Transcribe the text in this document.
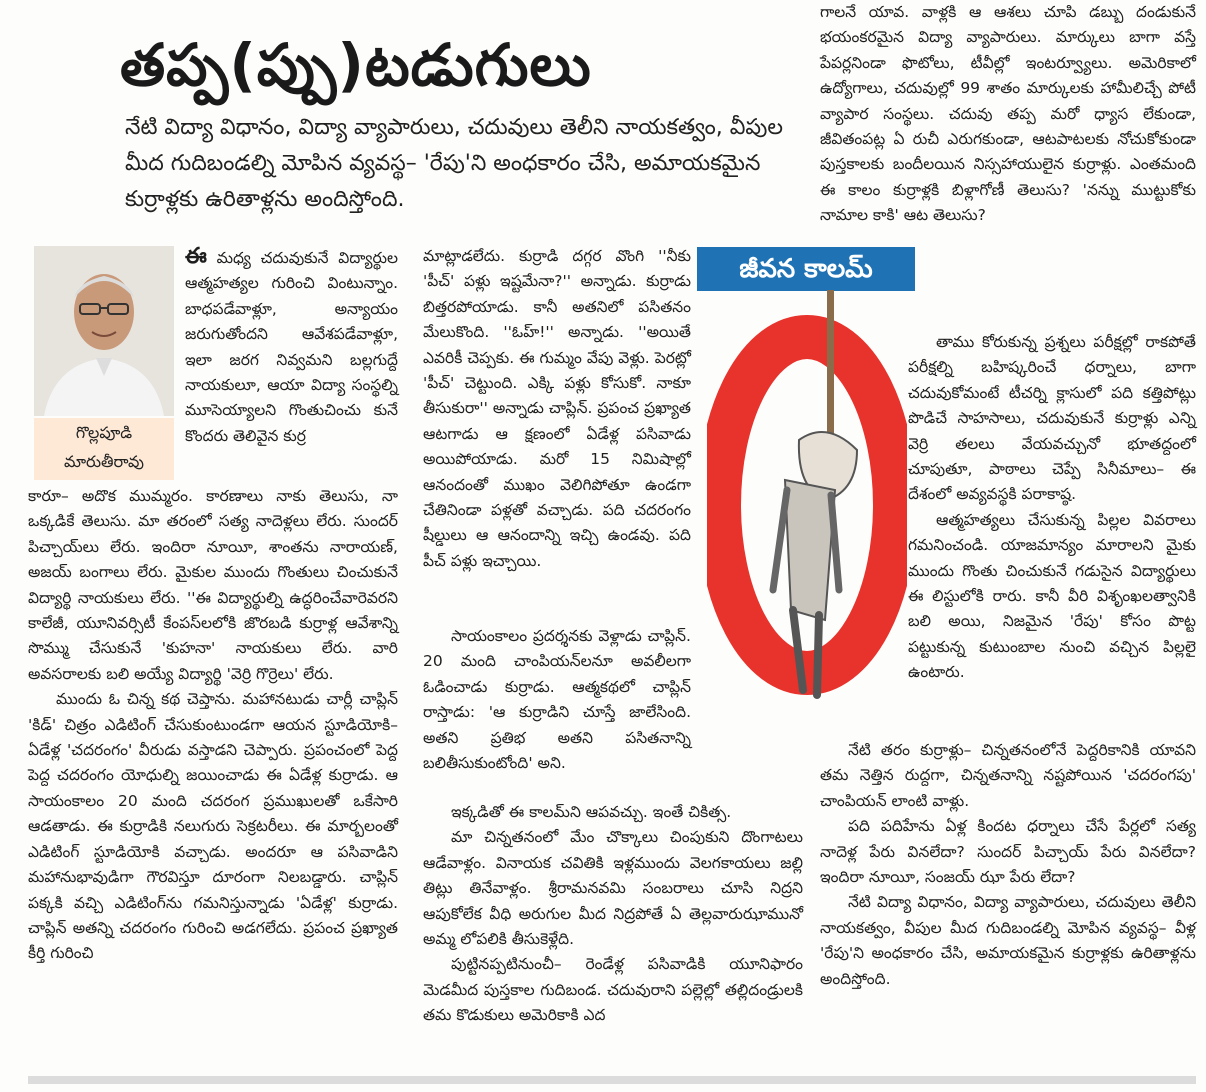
తప్ప(ప్పు)టడుగులు
నేటి విద్యా విధానం, విద్యా వ్యాపారులు, చదువులు తెలీని నాయకత్వం, వీపుల మీద గుదిబండల్ని మోపిన వ్యవస్థ– 'రేపు'ని అంధకారం చేసి, అమాయకమైన కుర్రాళ్లకు ఉరితాళ్లను అందిస్తోంది.
గొల్లపూడి
మారుతీరావు

ఈ మధ్య చదువుకునే విద్యార్థుల ఆత్మహత్యల గురించి వింటున్నాం. బాధపడేవాళ్లూ, అన్యాయం జరుగుతోందని ఆవేశపడేవాళ్లూ, ఇలా జరగ నివ్వమని బల్లగుద్దే నాయకులూ, ఆయా విద్యా సంస్థల్ని మూసెయ్యాలని గొంతుచించు కునే కొందరు తెలివైన కుర్ర

కారూ– అదొక ముమ్మరం. కారణాలు నాకు తెలుసు, నా ఒక్కడికే తెలుసు. మా తరంలో సత్య నాదెళ్లలు లేరు. సుందర్ పిచ్చాయ్‌లు లేరు. ఇందిరా నూయీ, శాంతను నారాయణ్, అజయ్ బంగాలు లేరు. మైకుల ముందు గొంతులు చించుకునే విద్యార్థి నాయకులు లేరు. ''ఈ విద్యార్థుల్ని ఉద్ధరించేవారెవరని కాలేజీ, యూనివర్సిటీ కేంపస్‌లలోకి జొరబడి కుర్రాళ్ల ఆవేశాన్ని సొమ్ము చేసుకునే 'కుహనా' నాయకులు లేరు. వారి అవసరాలకు బలి అయ్యే విద్యార్థి 'వెర్రి గొర్రెలు' లేరు.

ముందు ఓ చిన్న కథ చెప్తాను. మహానటుడు చార్లీ చాప్లిన్ 'కిడ్' చిత్రం ఎడిటింగ్ చేసుకుంటుండగా ఆయన స్టూడియోకి– ఏడేళ్ల 'చదరంగం' వీరుడు వస్తాడని చెప్పారు. ప్రపంచంలో పెద్ద పెద్ద చదరంగం యోధుల్ని జయించాడు ఈ ఏడేళ్ల కుర్రాడు. ఆ సాయంకాలం 20 మంది చదరంగ ప్రముఖులతో ఒకేసారి ఆడతాడు. ఈ కుర్రాడికి నలుగురు సెక్రటరీలు. ఈ మార్బలంతో ఎడిటింగ్ స్టూడియోకి వచ్చాడు. అందరూ ఆ పసివాడిని మహానుభావుడిగా గౌరవిస్తూ దూరంగా నిలబడ్డారు. చాప్లిన్ పక్కకి వచ్చి ఎడిటింగ్‌ను గమనిస్తున్నాడు 'ఏడేళ్ల' కుర్రాడు. చాప్లిన్ అతన్ని చదరంగం గురించి అడగలేదు. ప్రపంచ ప్రఖ్యాత కీర్తి గురించి

మాట్లాడలేదు. కుర్రాడి దగ్గర వొంగి ''నీకు 'పీచ్' పళ్లు ఇష్టమేనా?'' అన్నాడు. కుర్రాడు బిత్తరపోయాడు. కానీ అతనిలో పసితనం మేలుకొంది. ''ఓహ్!'' అన్నాడు. ''అయితే ఎవరికీ చెప్పకు. ఈ గుమ్మం వేపు వెళ్లు. పెరట్లో 'పీచ్' చెట్టుంది. ఎక్కి పళ్లు కోసుకో. నాకూ తీసుకురా'' అన్నాడు చాప్లిన్. ప్రపంచ ప్రఖ్యాత ఆటగాడు ఆ క్షణంలో ఏడేళ్ల పసివాడు అయిపోయాడు. మరో 15 నిమిషాల్లో ఆనందంతో ముఖం వెలిగిపోతూ ఉండగా చేతినిండా పళ్లతో వచ్చాడు. పది చదరంగం షీల్డులు ఆ ఆనందాన్ని ఇచ్చి ఉండవు. పది పీచ్ పళ్లు ఇచ్చాయి.

సాయంకాలం ప్రదర్శనకు వెళ్లాడు చాప్లిన్. 20 మంది చాంపియన్‌లనూ అవలీలగా ఓడించాడు కుర్రాడు. ఆత్మకథలో చాప్లిన్ రాస్తాడు: 'ఆ కుర్రాడిని చూస్తే జాలేసింది. అతని ప్రతిభ అతని పసితనాన్ని బలితీసుకుంటోంది' అని.

ఇక్కడితో ఈ కాలమ్‌ని ఆపవచ్చు. ఇంతే చికిత్స.

మా చిన్నతనంలో మేం చొక్కాలు చింపుకుని దొంగాటలు ఆడేవాళ్లం. వినాయక చవితికి ఇళ్లముందు వెలగకాయలు జల్లి తిట్లు తినేవాళ్లం. శ్రీరామనవమి సంబరాలు చూసి నిద్రని ఆపుకోలేక వీధి అరుగుల మీద నిద్రపోతే ఏ తెల్లవారుఝామునో అమ్మ లోపలికి తీసుకెళ్లేది.

పుట్టినప్పటినుంచీ– రెండేళ్ల పసివాడికి యూనిఫారం మెడమీద పుస్తకాల గుదిబండ. చదువురాని పల్లెల్లో తల్లిదండ్రులకి తమ కొడుకులు అమెరికాకి ఎద

జీవన కాలమ్

గాలనే యావ. వాళ్లకి ఆ ఆశలు చూపి డబ్బు దండుకునే భయంకరమైన విద్యా వ్యాపారులు. మార్కులు బాగా వస్తే పేపర్లనిండా ఫొటోలు, టీవీల్లో ఇంటర్వ్యూలు. అమెరికాలో ఉద్యోగాలు, చదువుల్లో 99 శాతం మార్కులకు హామీలిచ్చే పోటీ వ్యాపార సంస్థలు. చదువు తప్ప మరో ధ్యాస లేకుండా, జీవితంపట్ల ఏ రుచీ ఎరుగకుండా, ఆటపాటలకు నోచుకోకుండా పుస్తకాలకు బందీలయిన నిస్సహాయులైన కుర్రాళ్లు. ఎంతమంది ఈ కాలం కుర్రాళ్లకి బిళ్లాగోణీ తెలుసు? 'నన్ను ముట్టుకోకు నామాల కాకి' ఆట తెలుసు?

తాము కోరుకున్న ప్రశ్నలు పరీక్షల్లో రాకపోతే పరీక్షల్ని బహిష్కరించే ధర్నాలు, బాగా చదువుకోమంటే టీచర్ని క్లాసులో పది కత్తిపోట్లు పొడిచే సాహసాలు, చదువుకునే కుర్రాళ్లు ఎన్ని వెర్రి తలలు వేయవచ్చునో భూతద్దంలో చూపుతూ, పాఠాలు చెప్పే సినీమాలు– ఈ దేశంలో అవ్యవస్థకి పరాకాష్ఠ.

ఆత్మహత్యలు చేసుకున్న పిల్లల వివరాలు గమనించండి. యాజమాన్యం మారాలని మైకు ముందు గొంతు చించుకునే గడుసైన విద్యార్థులు ఈ లిస్టులోకి రారు. కానీ వీరి విశృంఖలత్వానికి బలి అయి, నిజమైన 'రేపు' కోసం పొట్ట పట్టుకున్న కుటుంబాల నుంచి వచ్చిన పిల్లలై ఉంటారు.

నేటి తరం కుర్రాళ్లు– చిన్నతనంలోనే పెద్దరికానికి యావని తమ నెత్తిన రుద్దగా, చిన్నతనాన్ని నష్టపోయిన 'చదరంగపు' చాంపియన్ లాంటి వాళ్లు.

పది పదిహేను ఏళ్ల కిందట ధర్నాలు చేసే పేర్లలో సత్య నాదెళ్ల పేరు వినలేదా? సుందర్ పిచ్చాయ్ పేరు వినలేదా? ఇందిరా నూయీ, సంజయ్ ఝా పేరు లేదా?

నేటి విద్యా విధానం, విద్యా వ్యాపారులు, చదువులు తెలీని నాయకత్వం, వీపుల మీద గుదిబండల్ని మోపిన వ్యవస్థ– వీళ్ల 'రేపు'ని అంధకారం చేసి, అమాయకమైన కుర్రాళ్లకు ఉరితాళ్లను అందిస్తోంది.
